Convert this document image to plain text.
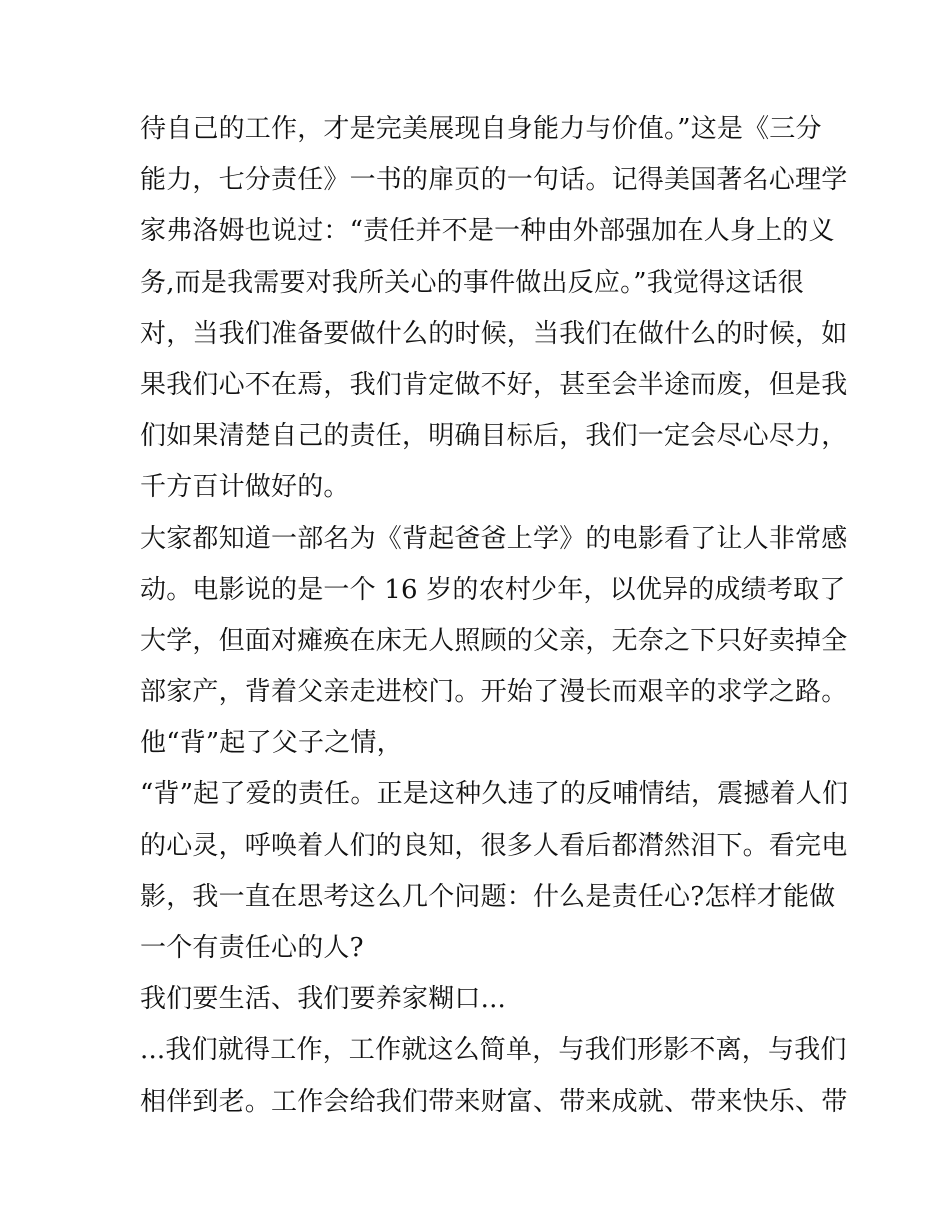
待自己的工作，才是完美展现自身能力与价值。”这是《三分
能力，七分责任》一书的扉页的一句话。记得美国著名心理学
家弗洛姆也说过：“责任并不是一种由外部强加在人身上的义
务,而是我需要对我所关心的事件做出反应。”我觉得这话很
对，当我们准备要做什么的时候，当我们在做什么的时候，如
果我们心不在焉，我们肯定做不好，甚至会半途而废，但是我
们如果清楚自己的责任，明确目标后，我们一定会尽心尽力，
千方百计做好的。
大家都知道一部名为《背起爸爸上学》的电影看了让人非常感
动。电影说的是一个 16 岁的农村少年，以优异的成绩考取了
大学，但面对瘫痪在床无人照顾的父亲，无奈之下只好卖掉全
部家产，背着父亲走进校门。开始了漫长而艰辛的求学之路。
他“背”起了父子之情，
“背”起了爱的责任。正是这种久违了的反哺情结，震撼着人们
的心灵，呼唤着人们的良知，很多人看后都潸然泪下。看完电
影，我一直在思考这么几个问题：什么是责任心?怎样才能做
一个有责任心的人?
我们要生活、我们要养家糊口...
...我们就得工作，工作就这么简单，与我们形影不离，与我们
相伴到老。工作会给我们带来财富、带来成就、带来快乐、带
